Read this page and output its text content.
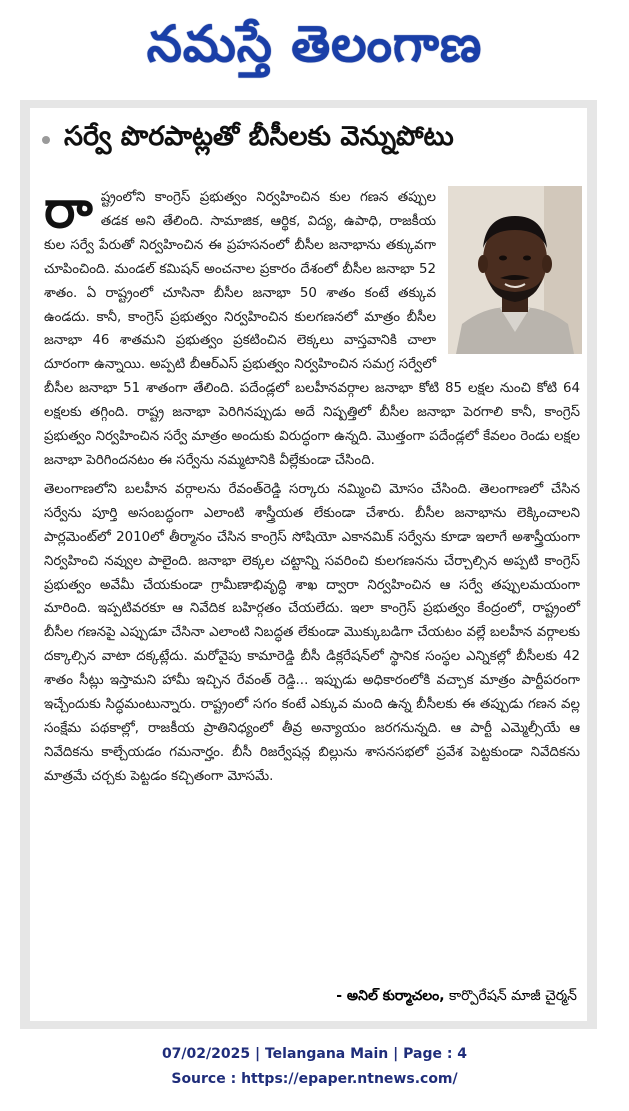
నమస్తే తెలంగాణ
సర్వే పొరపాట్లతో బీసీలకు వెన్నుపోటు

రా ష్ట్రంలోని కాంగ్రెస్ ప్రభుత్వం నిర్వహించిన కుల గణన తప్పుల తడక అని తేలింది. సామాజిక, ఆర్థిక, విద్య, ఉపాధి, రాజకీయ కుల సర్వే పేరుతో నిర్వహించిన ఈ ప్రహసనంలో బీసీల జనాభాను తక్కువగా చూపించింది. మండల్ కమిషన్ అంచనాల ప్రకారం దేశంలో బీసీల జనాభా 52 శాతం. ఏ రాష్ట్రంలో చూసినా బీసీల జనాభా 50 శాతం కంటే తక్కువ ఉండదు. కానీ, కాంగ్రెస్ ప్రభుత్వం నిర్వహించిన కులగణనలో మాత్రం బీసీల జనాభా 46 శాతమని ప్రభుత్వం ప్రకటించిన లెక్కలు వాస్తవానికి చాలా దూరంగా ఉన్నాయి. అప్పటి బీఆర్ఎస్ ప్రభుత్వం నిర్వహించిన సమగ్ర సర్వేలో బీసీల జనాభా 51 శాతంగా తేలింది. పదేండ్లలో బలహీనవర్గాల జనాభా కోటి 85 లక్షల నుంచి కోటి 64 లక్షలకు తగ్గింది. రాష్ట్ర జనాభా పెరిగినప్పుడు అదే నిష్పత్తిలో బీసీల జనాభా పెరగాలి కానీ, కాంగ్రెస్ ప్రభుత్వం నిర్వహించిన సర్వే మాత్రం అందుకు విరుద్ధంగా ఉన్నది. మొత్తంగా పదేండ్లలో కేవలం రెండు లక్షల జనాభా పెరిగిందనటం ఈ సర్వేను నమ్మటానికి వీల్లేకుండా చేసింది.

తెలంగాణలోని బలహీన వర్గాలను రేవంత్‌రెడ్డి సర్కారు నమ్మించి మోసం చేసింది. తెలంగాణలో చేసిన సర్వేను పూర్తి అసంబద్ధంగా ఎలాంటి శాస్త్రీయత లేకుండా చేశారు. బీసీల జనాభాను లెక్కించాలని పార్లమెంట్‌లో 2010లో తీర్మానం చేసిన కాంగ్రెస్ సోషియో ఎకానమిక్ సర్వేను కూడా ఇలాగే అశాస్త్రీయంగా నిర్వహించి నవ్వుల పాలైంది. జనాభా లెక్కల చట్టాన్ని సవరించి కులగణనను చేర్చాల్సిన అప్పటి కాంగ్రెస్ ప్రభుత్వం అవేమీ చేయకుండా గ్రామీణాభివృద్ధి శాఖ ద్వారా నిర్వహించిన ఆ సర్వే తప్పులమయంగా మారింది. ఇప్పటివరకూ ఆ నివేదిక బహిర్గతం చేయలేదు. ఇలా కాంగ్రెస్ ప్రభుత్వం కేంద్రంలో, రాష్ట్రంలో బీసీల గణనపై ఎప్పుడూ చేసినా ఎలాంటి నిబద్ధత లేకుండా మొక్కుబడిగా చేయటం వల్లే బలహీన వర్గాలకు దక్కాల్సిన వాటా దక్కట్లేదు. మరోవైపు కామారెడ్డి బీసీ డిక్లరేషన్‌లో స్థానిక సంస్థల ఎన్నికల్లో బీసీలకు 42 శాతం సీట్లు ఇస్తామని హామీ ఇచ్చిన రేవంత్ రెడ్డి... ఇప్పుడు అధికారంలోకి వచ్చాక మాత్రం పార్టీపరంగా ఇచ్చేందుకు సిద్ధమంటున్నారు. రాష్ట్రంలో సగం కంటే ఎక్కువ మంది ఉన్న బీసీలకు ఈ తప్పుడు గణన వల్ల సంక్షేమ పథకాల్లో, రాజకీయ ప్రాతినిధ్యంలో తీవ్ర అన్యాయం జరగనున్నది. ఆ పార్టీ ఎమ్మెల్సీయే ఆ నివేదికను కాల్చేయడం గమనార్హం. బీసీ రిజర్వేషన్ల బిల్లును శాసనసభలో ప్రవేశ పెట్టకుండా నివేదికను మాత్రమే చర్చకు పెట్టడం కచ్చితంగా మోసమే.

- అనిల్ కుర్మాచలం, కార్పొరేషన్ మాజీ చైర్మన్
07/02/2025 | Telangana Main | Page : 4
Source : https://epaper.ntnews.com/
